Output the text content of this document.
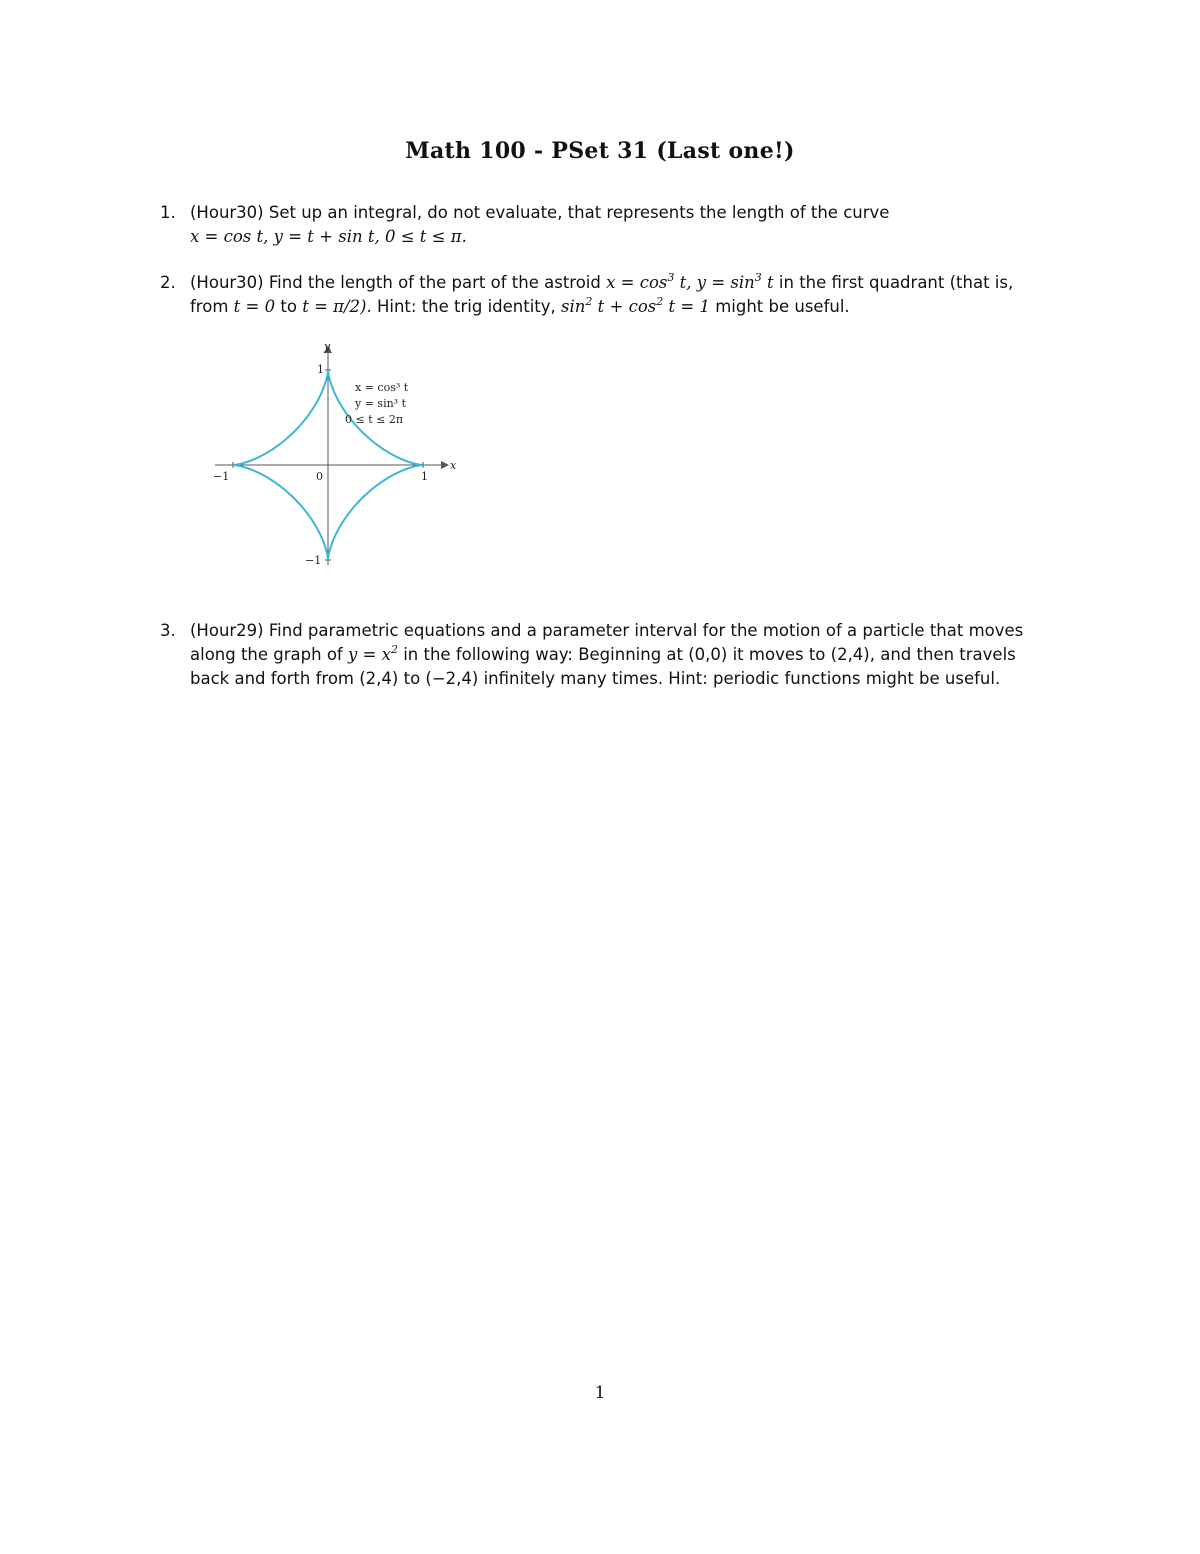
Math 100 - PSet 31 (Last one!)
1. (Hour30) Set up an integral, do not evaluate, that represents the length of the curve
x = cos t, y = t + sin t, 0 ≤ t ≤ π.
2. (Hour30) Find the length of the part of the astroid $x = \cos^3 t$, $y = \sin^3 t$ in the first quadrant (that is,
from t = 0 to t = π/2). Hint: the trig identity, $\sin^2 t + \cos^2 t = 1$ might be useful.
x
y
−1	0	1
1
−1
x = cos³ t
y = sin³ t
0 ≤ t ≤ 2π
3. (Hour29) Find parametric equations and a parameter interval for the motion of a particle that moves
along the graph of $y = x^2$ in the following way: Beginning at (0,0) it moves to (2,4), and then travels
back and forth from (2,4) to (−2,4) infinitely many times. Hint: periodic functions might be useful.
1
